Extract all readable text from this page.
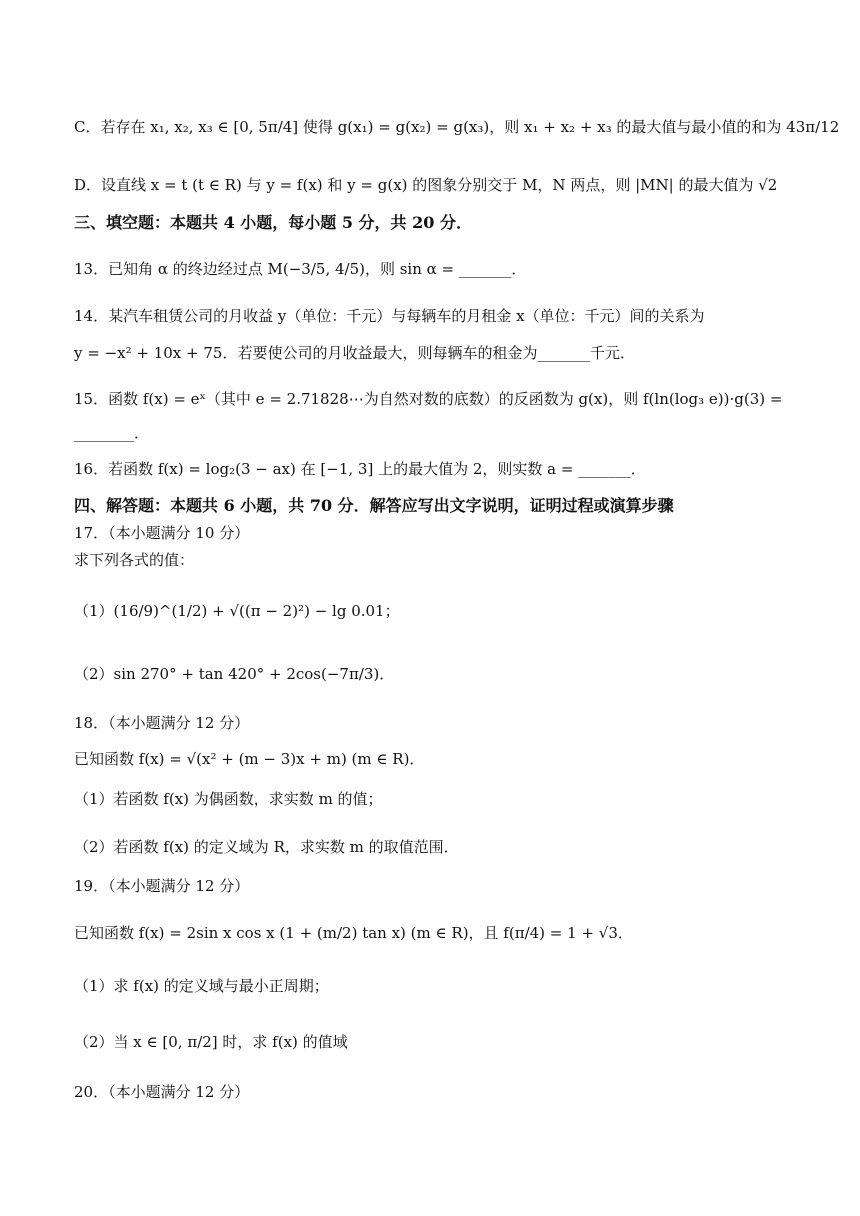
C．若存在 x₁, x₂, x₃ ∈ [0, 5π/4] 使得 g(x₁) = g(x₂) = g(x₃)，则 x₁ + x₂ + x₃ 的最大值与最小值的和为 43π/12
D．设直线 x = t (t ∈ R) 与 y = f(x) 和 y = g(x) 的图象分别交于 M，N 两点，则 |MN| 的最大值为 √2
三、填空题：本题共 4 小题，每小题 5 分，共 20 分．
13．已知角 α 的终边经过点 M(−3/5, 4/5)，则 sin α = _______．
14．某汽车租赁公司的月收益 y（单位：千元）与每辆车的月租金 x（单位：千元）间的关系为
y = −x² + 10x + 75．若要使公司的月收益最大，则每辆车的租金为_______千元．
15．函数 f(x) = eˣ（其中 e = 2.71828⋯为自然对数的底数）的反函数为 g(x)，则 f(ln(log₃ e))·g(3) =
________．
16．若函数 f(x) = log₂(3 − ax) 在 [−1, 3] 上的最大值为 2，则实数 a = _______．
四、解答题：本题共 6 小题，共 70 分．解答应写出文字说明，证明过程或演算步骤
17．（本小题满分 10 分）
求下列各式的值：
（1）(16/9)^(1/2) + √((π − 2)²) − lg 0.01；
（2）sin 270° + tan 420° + 2cos(−7π/3)．
18．（本小题满分 12 分）
已知函数 f(x) = √(x² + (m − 3)x + m) (m ∈ R)．
（1）若函数 f(x) 为偶函数，求实数 m 的值；
（2）若函数 f(x) 的定义域为 R，求实数 m 的取值范围．
19．（本小题满分 12 分）
已知函数 f(x) = 2sin x cos x (1 + (m/2) tan x) (m ∈ R)，且 f(π/4) = 1 + √3．
（1）求 f(x) 的定义域与最小正周期；
（2）当 x ∈ [0, π/2] 时，求 f(x) 的值域
20．（本小题满分 12 分）
